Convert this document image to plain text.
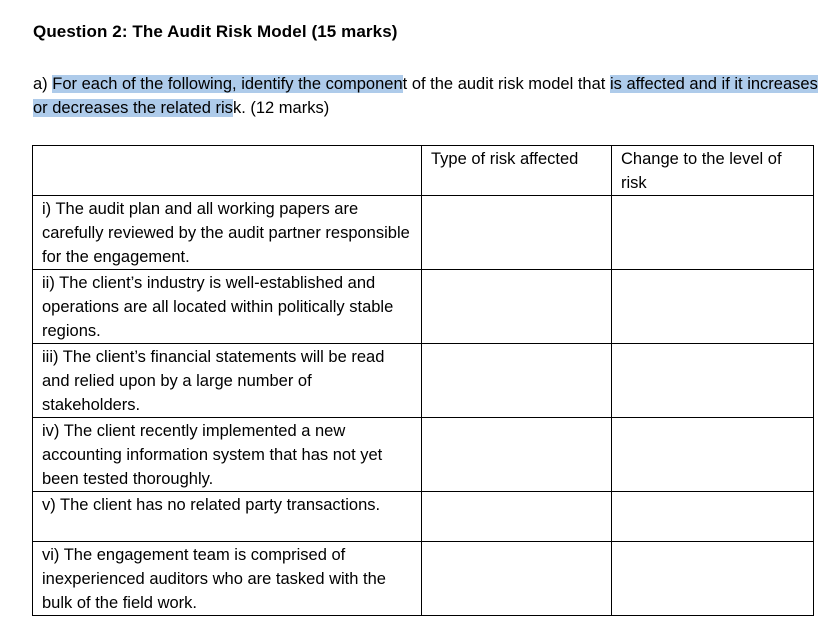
Question 2: The Audit Risk Model (15 marks)
a) For each of the following, identify the component of the audit risk model that is affected and if it increases or decreases the related risk. (12 marks)
	Type of risk affected	Change to the level of risk
i) The audit plan and all working papers are carefully reviewed by the audit partner responsible for the engagement.		
ii) The client’s industry is well-established and operations are all located within politically stable regions.		
iii) The client’s financial statements will be read and relied upon by a large number of stakeholders.		
iv) The client recently implemented a new accounting information system that has not yet been tested thoroughly.		
v) The client has no related party transactions.		
vi) The engagement team is comprised of inexperienced auditors who are tasked with the bulk of the field work.		
